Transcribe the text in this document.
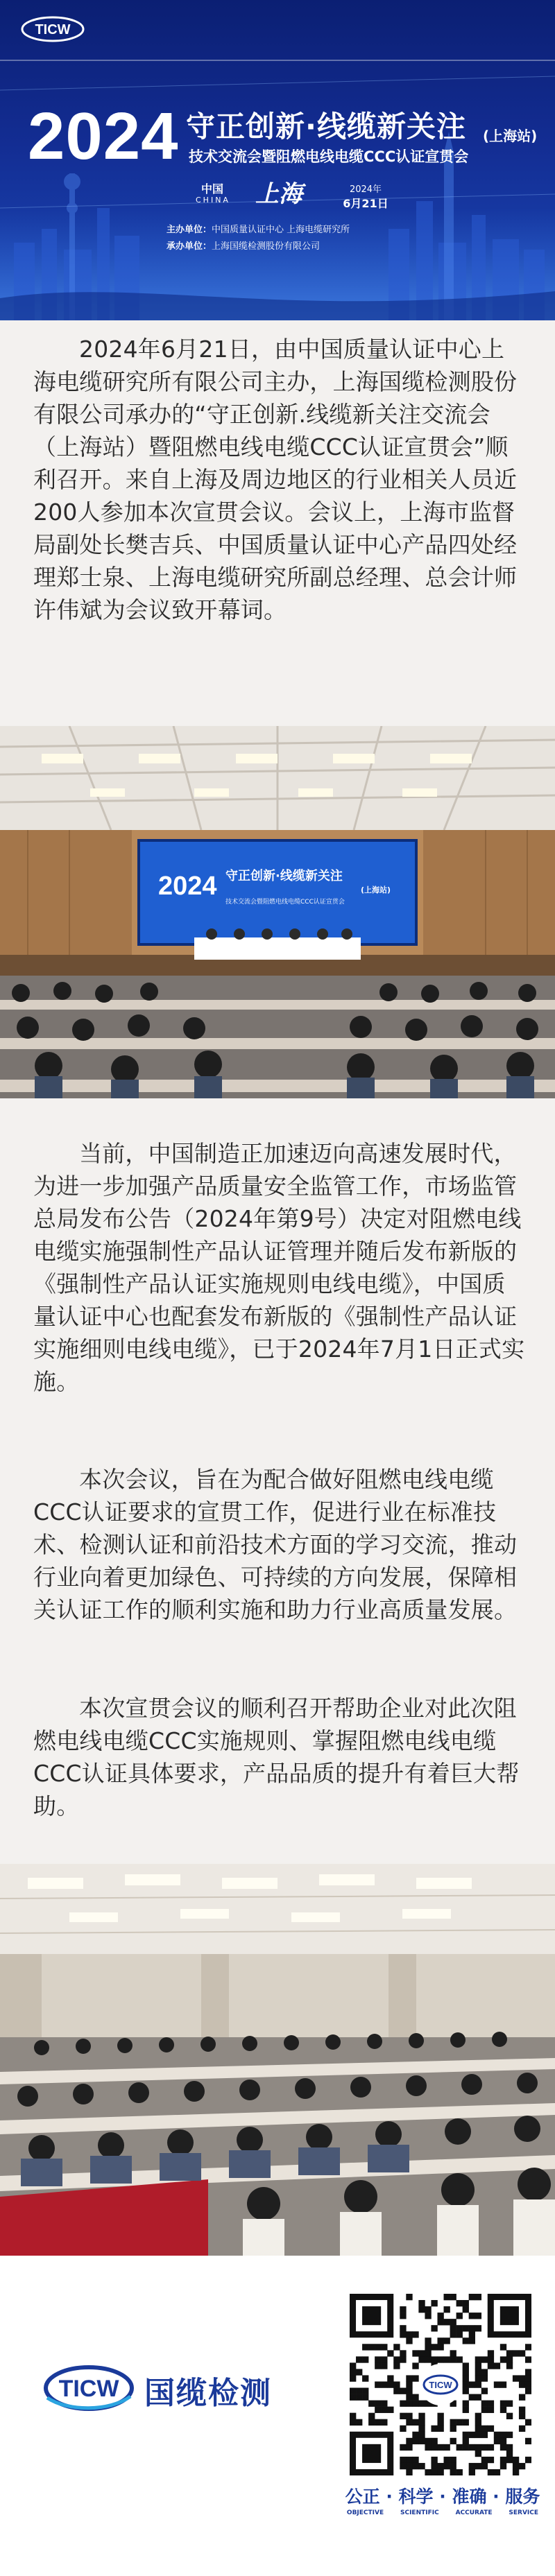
TICW
2024 守正创新·线缆新关注 (上海站)
技术交流会暨阻燃电线电缆CCC认证宣贯会
中国
CHINA 上海	2024年
6月21日
主办单位：中国质量认证中心 上海电缆研究所
承办单位：上海国缆检测股份有限公司

2024年6月21日，由中国质量认证中心上海电缆研究所有限公司主办，上海国缆检测股份有限公司承办的“守正创新.线缆新关注交流会（上海站）暨阻燃电线电缆CCC认证宣贯会”顺利召开。来自上海及周边地区的行业相关人员近200人参加本次宣贯会议。会议上，上海市监督局副处长樊吉兵、中国质量认证中心产品四处经理郑士泉、上海电缆研究所副总经理、总会计师许伟斌为会议致开幕词。

2024 守正创新·线缆新关注
(上海站)
技术交流会暨阻燃电线电缆CCC认证宣贯会

当前，中国制造正加速迈向高速发展时代，为进一步加强产品质量安全监管工作，市场监管总局发布公告（2024年第9号）决定对阻燃电线电缆实施强制性产品认证管理并随后发布新版的《强制性产品认证实施规则电线电缆》，中国质量认证中心也配套发布新版的《强制性产品认证实施细则电线电缆》，已于2024年7月1日正式实施。

本次会议，旨在为配合做好阻燃电线电缆CCC认证要求的宣贯工作，促进行业在标准技术、检测认证和前沿技术方面的学习交流，推动行业向着更加绿色、可持续的方向发展，保障相关认证工作的顺利实施和助力行业高质量发展。

本次宣贯会议的顺利召开帮助企业对此次阻燃电线电缆CCC实施规则、掌握阻燃电线电缆CCC认证具体要求，产品品质的提升有着巨大帮助。

TICW 国缆检测	TICW
公正 · 科学 · 准确 · 服务
OBJECTIVE	SCIENTIFIC	ACCURATE	SERVICE
